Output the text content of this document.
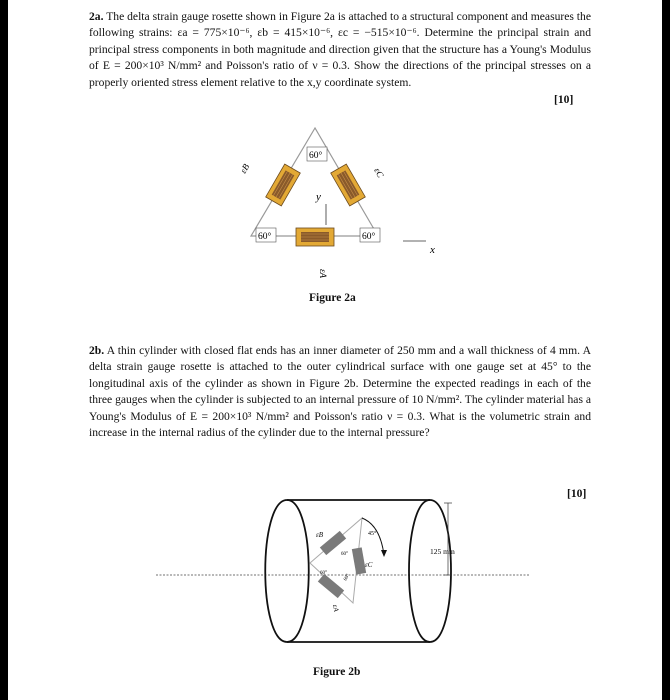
2a. The delta strain gauge rosette shown in Figure 2a is attached to a structural component and measures the following strains: εa = 775×10⁻⁶, εb = 415×10⁻⁶, εc = −515×10⁻⁶. Determine the principal strain and principal stress components in both magnitude and direction given that the structure has a Young's Modulus of E = 200×10³ N/mm² and Poisson's ratio of ν = 0.3. Show the directions of the principal stresses on a properly oriented stress element relative to the x,y coordinate system.

[10]
y
x
60°
60°	60°
εB	εC
εA
Figure 2a

2b. A thin cylinder with closed flat ends has an inner diameter of 250 mm and a wall thickness of 4 mm. A delta strain gauge rosette is attached to the outer cylindrical surface with one gauge set at 45° to the longitudinal axis of the cylinder as shown in Figure 2b. Determine the expected readings in each of the three gauges when the cylinder is subjected to an internal pressure of 10 N/mm². The cylinder material has a Young's Modulus of E = 200×10³ N/mm² and Poisson's ratio ν = 0.3. What is the volumetric strain and increase in the internal radius of the cylinder due to the internal pressure?

[10]
125 mm
45°
60°
60°	60°
εB
εC
εA
Figure 2b
